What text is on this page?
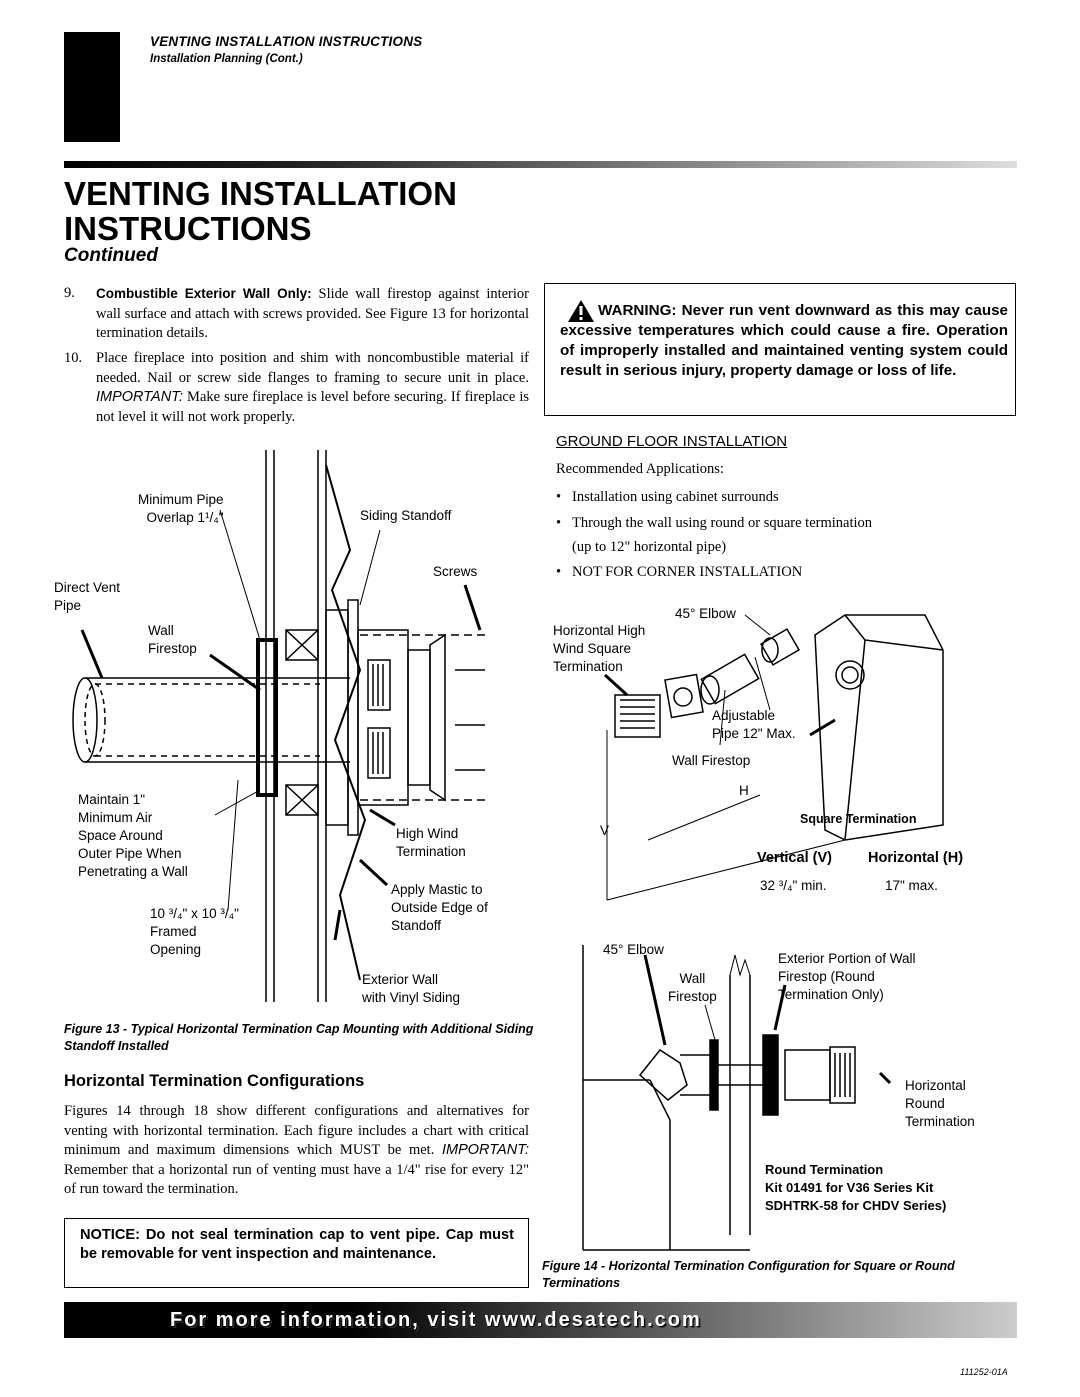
VENTING INSTALLATION INSTRUCTIONS
Installation Planning (Cont.)
VENTING INSTALLATION
INSTRUCTIONS
Continued
9. Combustible Exterior Wall Only: Slide wall firestop against interior wall surface and attach with screws provided. See Figure 13 for horizontal termination details.
10. Place fireplace into position and shim with noncombustible material if needed. Nail or screw side flanges to framing to secure unit in place. IMPORTANT: Make sure fireplace is level before securing. If fireplace is not level it will not work properly.
WARNING: Never run vent downward as this may cause excessive temperatures which could cause a fire. Operation of improperly installed and maintained venting system could result in serious injury, property damage or loss of life.
GROUND FLOOR INSTALLATION
Recommended Applications:
• Installation using cabinet surrounds
• Through the wall using round or square termination
(up to 12" horizontal pipe)
• NOT FOR CORNER INSTALLATION
Minimum Pipe
Overlap 1¹/₄"	Siding Standoff
Screws
Direct Vent
Pipe
Wall
Firestop
Maintain 1"
Minimum Air
Space Around
Outer Pipe When
Penetrating a Wall
High Wind
Termination
Apply Mastic to
Outside Edge of
Standoff
10 ³/₄" x 10 ³/₄"
Framed
Opening
Exterior Wall
with Vinyl Siding
Figure 13 - Typical Horizontal Termination Cap Mounting with Additional Siding Standoff Installed
Horizontal Termination Configurations
Figures 14 through 18 show different configurations and alternatives for venting with horizontal termination. Each figure includes a chart with critical minimum and maximum dimensions which MUST be met. IMPORTANT: Remember that a horizontal run of venting must have a 1/4" rise for every 12" of run toward the termination.
NOTICE: Do not seal termination cap to vent pipe. Cap must be removable for vent inspection and maintenance.
45° Elbow
Horizontal High
Wind Square
Termination
Adjustable
Pipe 12" Max.
Wall Firestop
H
V
Square Termination
Vertical (V) Horizontal (H)
32 ³/₄" min.	17" max.
45° Elbow
Wall
Firestop
Exterior Portion of Wall
Firestop (Round
Termination Only)
Horizontal
Round
Termination
Round Termination
Kit 01491 for V36 Series Kit
SDHTRK-58 for CHDV Series)
Figure 14 - Horizontal Termination Configuration for Square or Round Terminations
For more information, visit www.desatech.com
111252-01A
